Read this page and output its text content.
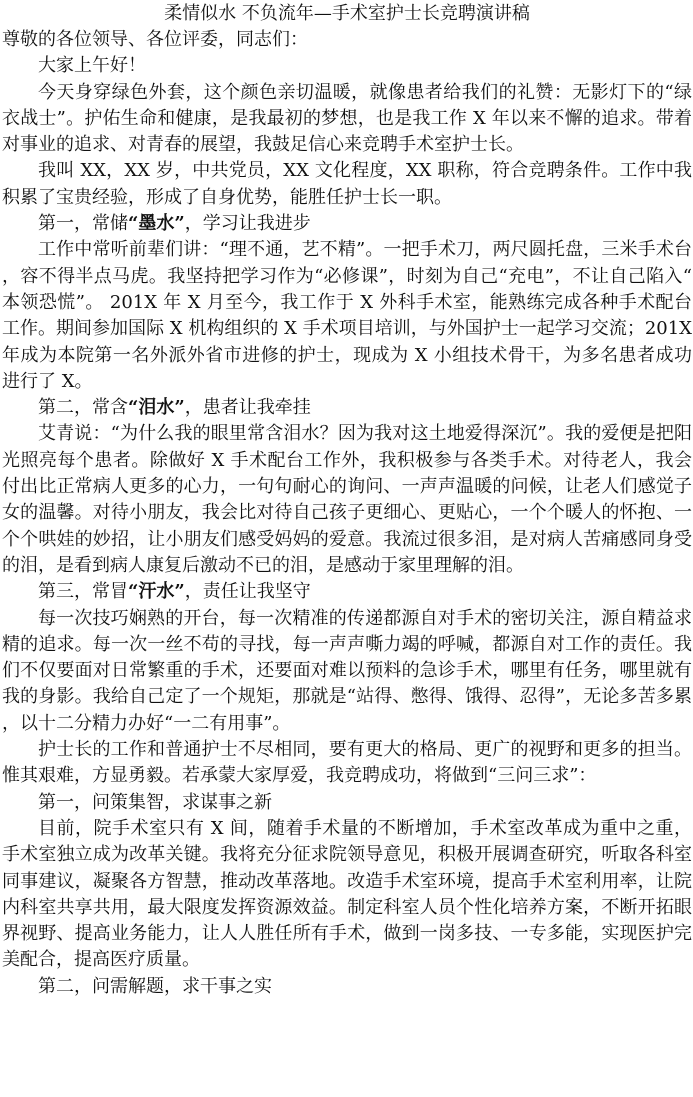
柔情似水 不负流年—手术室护士长竞聘演讲稿

尊敬的各位领导、各位评委，同志们：

大家上午好！

今天身穿绿色外套，这个颜色亲切温暖，就像患者给我们的礼赞：无影灯下的“绿衣战士”。护佑生命和健康，是我最初的梦想，也是我工作 X 年以来不懈的追求。带着对事业的追求、对青春的展望，我鼓足信心来竞聘手术室护士长。

我叫 XX，XX 岁，中共党员，XX 文化程度，XX 职称，符合竞聘条件。工作中我积累了宝贵经验，形成了自身优势，能胜任护士长一职。

第一，常储“墨水”，学习让我进步

工作中常听前辈们讲：“理不通，艺不精”。一把手术刀，两尺圆托盘，三米手术台，容不得半点马虎。我坚持把学习作为“必修课”，时刻为自己“充电”，不让自己陷入“本领恐慌”。 201X 年 X 月至今，我工作于 X 外科手术室，能熟练完成各种手术配台工作。期间参加国际 X 机构组织的 X 手术项目培训，与外国护士一起学习交流；201X 年成为本院第一名外派外省市进修的护士，现成为 X 小组技术骨干，为多名患者成功进行了 X。

第二，常含“泪水”，患者让我牵挂

艾青说：“为什么我的眼里常含泪水？因为我对这土地爱得深沉”。我的爱便是把阳光照亮每个患者。除做好 X 手术配台工作外，我积极参与各类手术。对待老人，我会付出比正常病人更多的心力，一句句耐心的询问、一声声温暖的问候，让老人们感觉子女的温馨。对待小朋友，我会比对待自己孩子更细心、更贴心，一个个暖人的怀抱、一个个哄娃的妙招，让小朋友们感受妈妈的爱意。我流过很多泪，是对病人苦痛感同身受的泪，是看到病人康复后激动不已的泪，是感动于家里理解的泪。

第三，常冒“汗水”，责任让我坚守

每一次技巧娴熟的开台，每一次精准的传递都源自对手术的密切关注，源自精益求精的追求。每一次一丝不苟的寻找，每一声声嘶力竭的呼喊，都源自对工作的责任。我们不仅要面对日常繁重的手术，还要面对难以预料的急诊手术，哪里有任务，哪里就有我的身影。我给自己定了一个规矩，那就是“站得、憋得、饿得、忍得”，无论多苦多累，以十二分精力办好“一二有用事”。

护士长的工作和普通护士不尽相同，要有更大的格局、更广的视野和更多的担当。惟其艰难，方显勇毅。若承蒙大家厚爱，我竞聘成功，将做到“三问三求”：

第一，问策集智，求谋事之新

目前，院手术室只有 X 间，随着手术量的不断增加，手术室改革成为重中之重，手术室独立成为改革关键。我将充分征求院领导意见，积极开展调查研究，听取各科室同事建议，凝聚各方智慧，推动改革落地。改造手术室环境，提高手术室利用率，让院内科室共享共用，最大限度发挥资源效益。制定科室人员个性化培养方案，不断开拓眼界视野、提高业务能力，让人人胜任所有手术，做到一岗多技、一专多能，实现医护完美配合，提高医疗质量。

第二，问需解题，求干事之实
